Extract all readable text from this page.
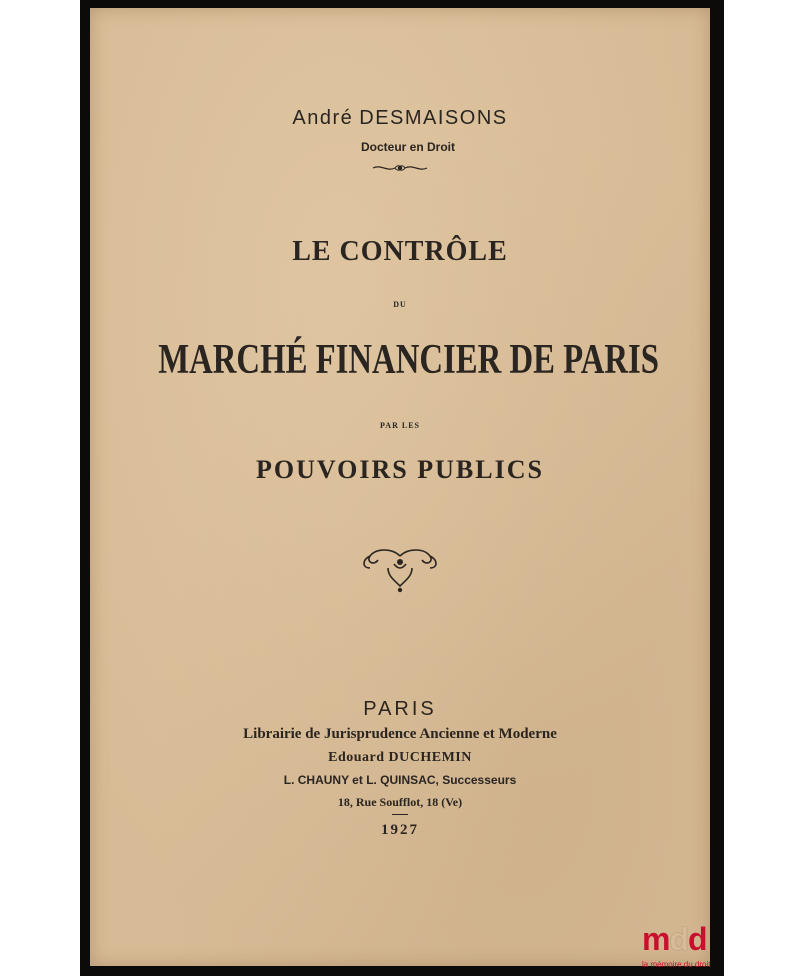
André DESMAISONS
Docteur en Droit
LE CONTRÔLE
DU
MARCHÉ FINANCIER DE PARIS
PAR LES
POUVOIRS PUBLICS
PARIS
Librairie de Jurisprudence Ancienne et Moderne
Edouard DUCHEMIN
L. CHAUNY et L. QUINSAC, Successeurs
18, Rue Soufflot, 18 (Ve)
1927
mdd
la mémoire du droit
